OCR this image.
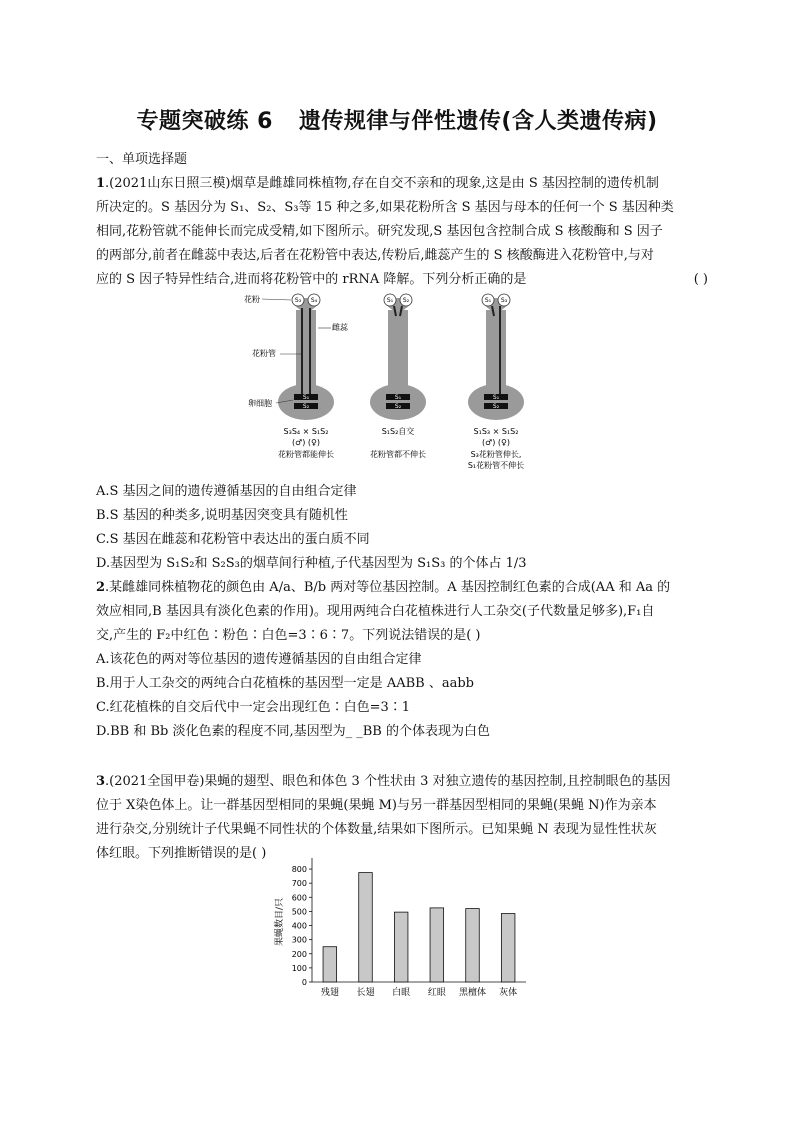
专题突破练 6 遗传规律与伴性遗传(含人类遗传病)
一、单项选择题
1.(2021山东日照三模)烟草是雌雄同株植物,存在自交不亲和的现象,这是由 S 基因控制的遗传机制
所决定的。S 基因分为 S₁、S₂、S₃等 15 种之多,如果花粉所含 S 基因与母本的任何一个 S 基因种类
相同,花粉管就不能伸长而完成受精,如下图所示。研究发现,S 基因包含控制合成 S 核酸酶和 S 因子
的两部分,前者在雌蕊中表达,后者在花粉管中表达,传粉后,雌蕊产生的 S 核酸酶进入花粉管中,与对
应的 S 因子特异性结合,进而将花粉管中的 rRNA 降解。下列分析正确的是	( )
S₃ S₄
S₁
S₂
花粉
雌蕊
花粉管
卵细胞
S₃S₄ × S₁S₂
(♂) (♀)
花粉管都能伸长
S₁ S₂
S₁
S₂
S₁S₂自交
花粉管都不伸长
S₁ S₃
S₁
S₂
S₁S₃ × S₁S₂
(♂) (♀)
S₃花粉管伸长,
S₁花粉管不伸长
A.S 基因之间的遗传遵循基因的自由组合定律
B.S 基因的种类多,说明基因突变具有随机性
C.S 基因在雌蕊和花粉管中表达出的蛋白质不同
D.基因型为 S₁S₂和 S₂S₃的烟草间行种植,子代基因型为 S₁S₃ 的个体占 1/3
2.某雌雄同株植物花的颜色由 A/a、B/b 两对等位基因控制。A 基因控制红色素的合成(AA 和 Aa 的
效应相同,B 基因具有淡化色素的作用)。现用两纯合白花植株进行人工杂交(子代数量足够多),F₁自
交,产生的 F₂中红色∶粉色∶白色=3∶6∶7。下列说法错误的是( )
A.该花色的两对等位基因的遗传遵循基因的自由组合定律
B.用于人工杂交的两纯合白花植株的基因型一定是 AABB 、aabb
C.红花植株的自交后代中一定会出现红色∶白色=3∶1
D.BB 和 Bb 淡化色素的程度不同,基因型为_ _BB 的个体表现为白色
3.(2021全国甲卷)果蝇的翅型、眼色和体色 3 个性状由 3 对独立遗传的基因控制,且控制眼色的基因
位于 X染色体上。让一群基因型相同的果蝇(果蝇 M)与另一群基因型相同的果蝇(果蝇 N)作为亲本
进行杂交,分别统计子代果蝇不同性状的个体数量,结果如下图所示。已知果蝇 N 表现为显性性状灰
体红眼。下列推断错误的是( )
果蝇数目/只
0
100
200
300
400
500
600
700
800
残翅 长翅 白眼 红眼 黑檀体 灰体
